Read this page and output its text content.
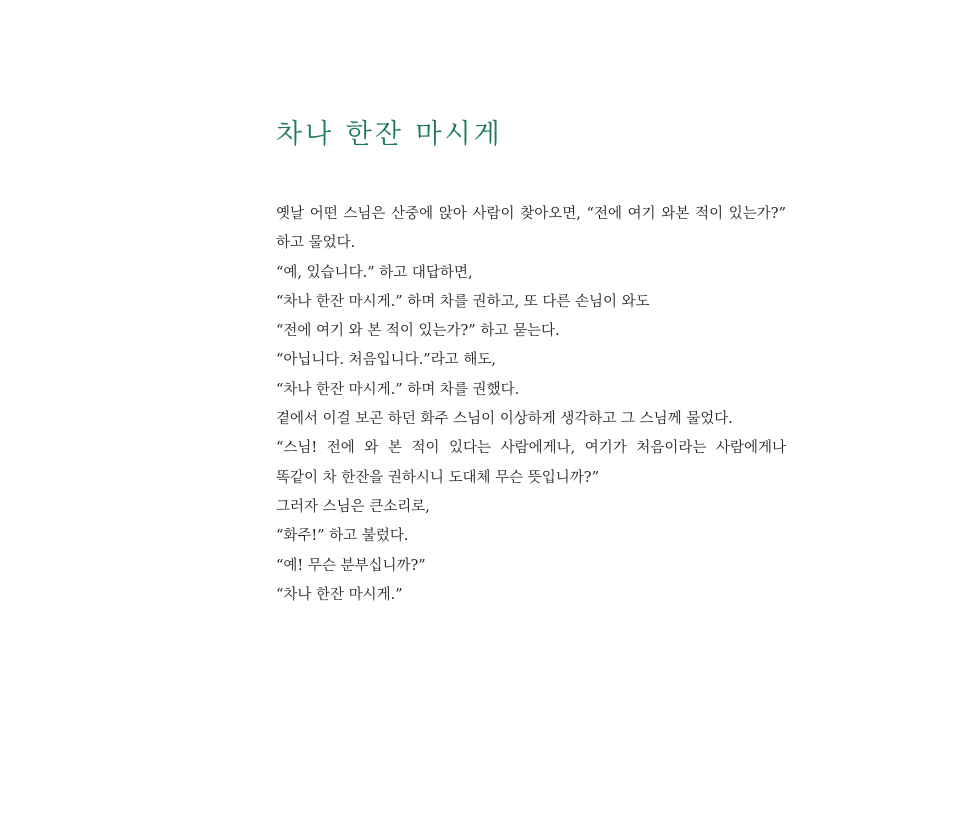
차나 한잔 마시게

옛날 어떤 스님은 산중에 앉아 사람이 찾아오면, “전에 여기 와본 적이 있는가?” 하고 물었다.

“예, 있습니다.” 하고 대답하면,

“차나 한잔 마시게.” 하며 차를 권하고, 또 다른 손님이 와도

“전에 여기 와 본 적이 있는가?” 하고 묻는다.

“아닙니다. 처음입니다.”라고 해도,

“차나 한잔 마시게.” 하며 차를 권했다.

곁에서 이걸 보곤 하던 화주 스님이 이상하게 생각하고 그 스님께 물었다.

“스님! 전에 와 본 적이 있다는 사람에게나, 여기가 처음이라는 사람에게나 똑같이 차 한잔을 권하시니 도대체 무슨 뜻입니까?”

그러자 스님은 큰소리로,

“화주!” 하고 불렀다.

“예! 무슨 분부십니까?”

“차나 한잔 마시게.”
